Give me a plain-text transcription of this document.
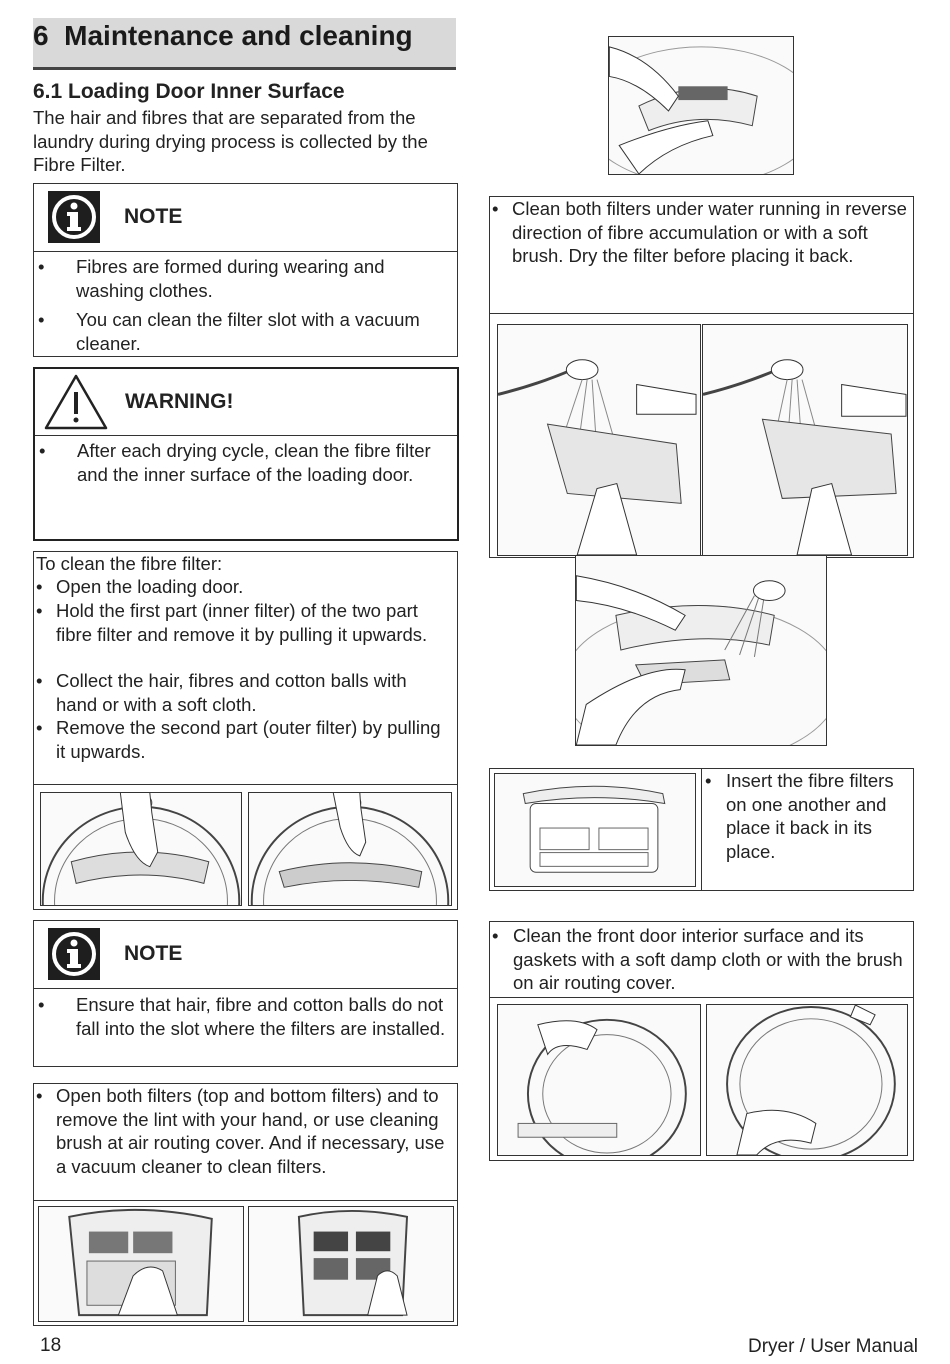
6 Maintenance and cleaning
6.1 Loading Door Inner Surface
The hair and fibres that are separated from the laundry during drying process is collected by the Fibre Filter.
NOTE
• Fibres are formed during wearing and washing clothes.
• You can clean the filter slot with a vacuum cleaner.
WARNING!
• After each drying cycle, clean the fibre filter and the inner surface of the loading door.
To clean the fibre filter:
• Open the loading door.
• Hold the first part (inner filter) of the two part fibre filter and remove it by pulling it upwards.
• Collect the hair, fibres and cotton balls with hand or with a soft cloth.
• Remove the second part (outer filter) by pulling it upwards.
NOTE
• Ensure that hair, fibre and cotton balls do not fall into the slot where the filters are installed.
• Open both filters (top and bottom filters) and to remove the lint with your hand, or use cleaning brush at air routing cover. And if necessary, use a vacuum cleaner to clean filters.
• Clean both filters under water running in reverse direction of fibre accumulation or with a soft brush. Dry the filter before placing it back.
• Insert the fibre filters on one another and place it back in its place.
• Clean the front door interior surface and its gaskets with a soft damp cloth or with the brush on air routing cover.
18	Dryer / User Manual
